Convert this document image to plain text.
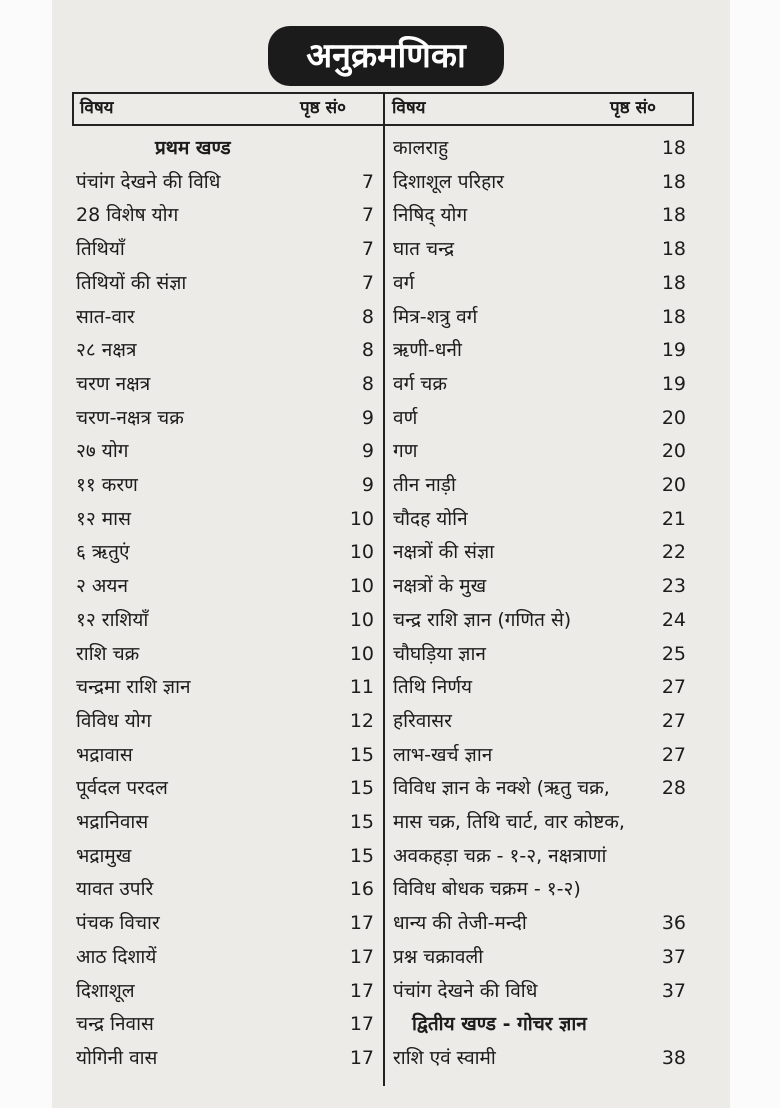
अनुक्रमणिका
विषय	पृष्ठ सं०	विषय	पृष्ठ सं०
प्रथम खण्ड
पंचांग देखने की विधि	7
28 विशेष योग	7
तिथियाँ	7
तिथियों की संज्ञा	7
सात-वार	8
२८ नक्षत्र	8
चरण नक्षत्र	8
चरण-नक्षत्र चक्र	9
२७ योग	9
११ करण	9
१२ मास	10
६ ऋतुएं	10
२ अयन	10
१२ राशियाँ	10
राशि चक्र	10
चन्द्रमा राशि ज्ञान	11
विविध योग	12
भद्रावास	15
पूर्वदल परदल	15
भद्रानिवास	15
भद्रामुख	15
यावत उपरि	16
पंचक विचार	17
आठ दिशायें	17
दिशाशूल	17
चन्द्र निवास	17
योगिनी वास	17
कालराहु	18
दिशाशूल परिहार	18
निषिद् योग	18
घात चन्द्र	18
वर्ग	18
मित्र-शत्रु वर्ग	18
ऋणी-धनी	19
वर्ग चक्र	19
वर्ण	20
गण	20
तीन नाड़ी	20
चौदह योनि	21
नक्षत्रों की संज्ञा	22
नक्षत्रों के मुख	23
चन्द्र राशि ज्ञान (गणित से)	24
चौघड़िया ज्ञान	25
तिथि निर्णय	27
हरिवासर	27
लाभ-खर्च ज्ञान	27
विविध ज्ञान के नक्शे (ऋतु चक्र,	28
मास चक्र, तिथि चार्ट, वार कोष्टक,
अवकहड़ा चक्र - १-२, नक्षत्राणां
विविध बोधक चक्रम - १-२)
धान्य की तेजी-मन्दी	36
प्रश्न चक्रावली	37
पंचांग देखने की विधि	37
द्वितीय खण्ड - गोचर ज्ञान
राशि एवं स्वामी	38
